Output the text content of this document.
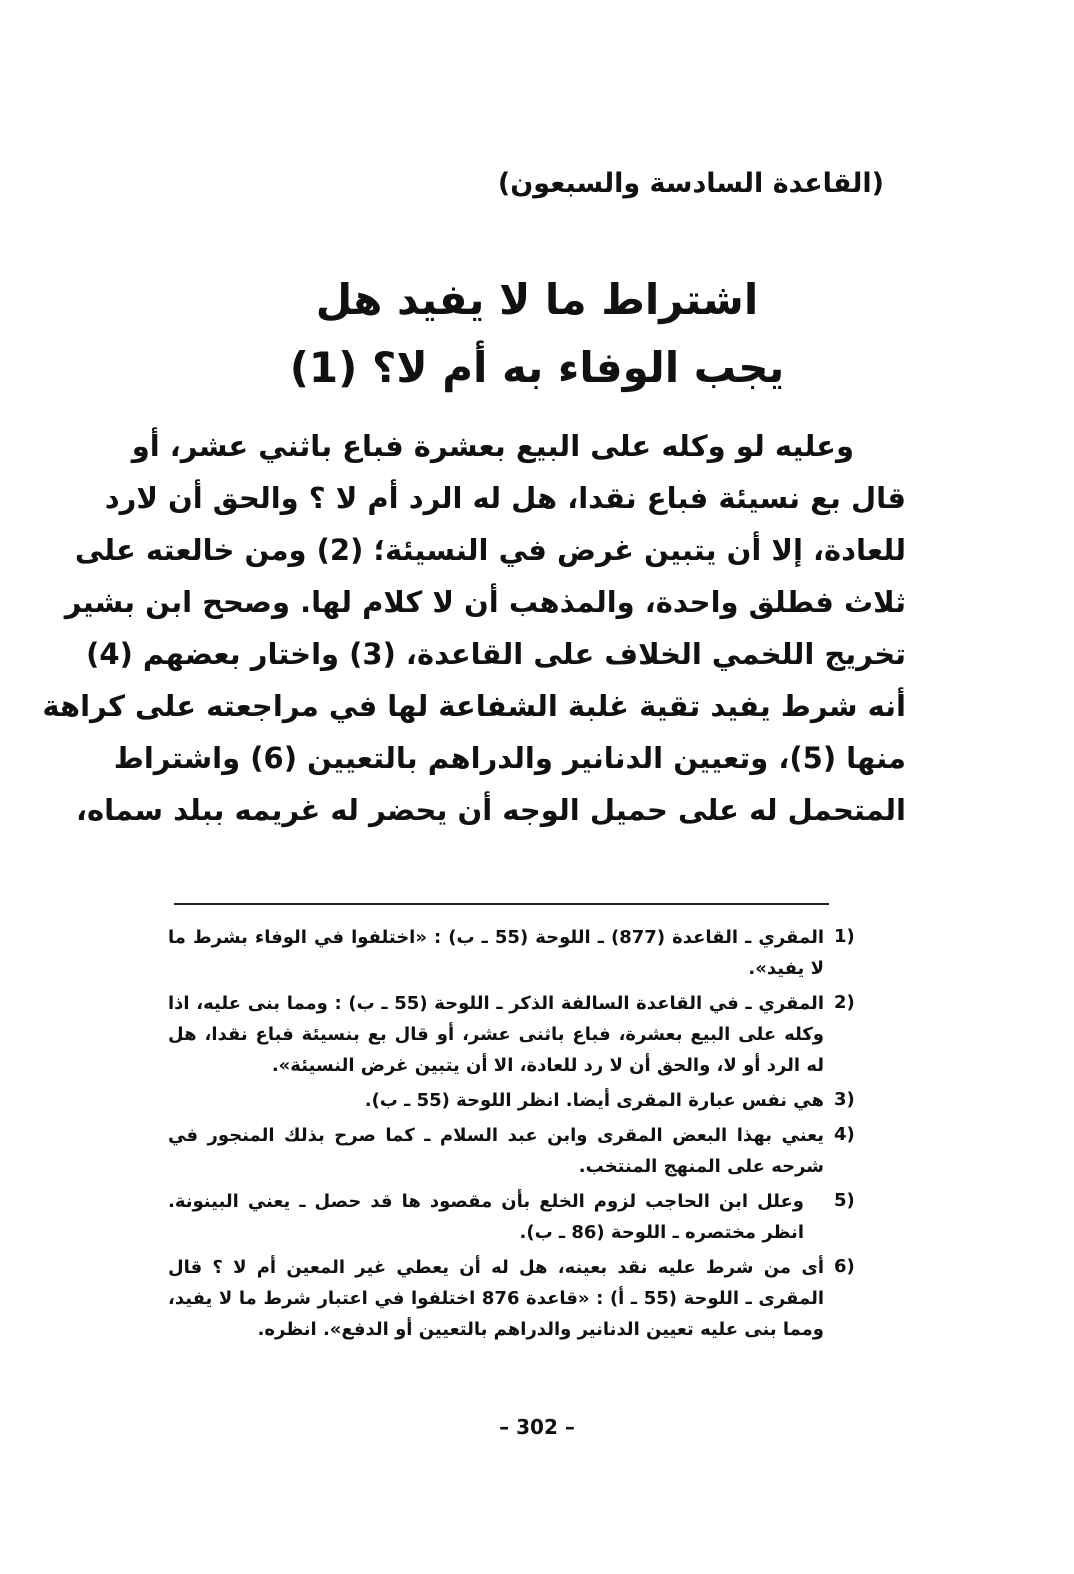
(القاعدة السادسة والسبعون)
اشتراط ما لا يفيد هل
يجب الوفاء به أم لا؟ (1)
وعليه لو وكله على البيع بعشرة فباع باثني عشر، أو
قال بع نسيئة فباع نقدا، هل له الرد أم لا ؟ والحق أن لارد
للعادة، إلا أن يتبين غرض في النسيئة؛ (2) ومن خالعته على
ثلاث فطلق واحدة، والمذهب أن لا كلام لها. وصحح ابن بشير
تخريج اللخمي الخلاف على القاعدة، (3) واختار بعضهم (4)
أنه شرط يفيد تقية غلبة الشفاعة لها في مراجعته على كراهة
منها (5)، وتعيين الدنانير والدراهم بالتعيين (6) واشتراط
المتحمل له على حميل الوجه أن يحضر له غريمه ببلد سماه،
1)
المقري ـ القاعدة (877) ـ اللوحة (55 ـ ب) : «اختلفوا في الوفاء بشرط ما لا يفيد».
2)
المقري ـ في القاعدة السالفة الذكر ـ اللوحة (55 ـ ب) : ومما بنى عليه، اذا وكله على البيع بعشرة، فباع باثنى عشر، أو قال بع بنسيئة فباع نقدا، هل له الرد أو لا، والحق أن لا رد للعادة، الا أن يتبين غرض النسيئة».
3)
هي نفس عبارة المقرى أيضا. انظر اللوحة (55 ـ ب).
4)
يعني بهذا البعض المقرى وابن عبد السلام ـ كما صرح بذلك المنجور في شرحه على المنهج المنتخب.
5)
وعلل ابن الحاجب لزوم الخلع بأن مقصود ها قد حصل ـ يعني البينونة. انظر مختصره ـ اللوحة (86 ـ ب).
6)
أى من شرط عليه نقد بعينه، هل له أن يعطي غير المعين أم لا ؟ قال المقرى ـ اللوحة (55 ـ أ) : «قاعدة 876 اختلفوا في اعتبار شرط ما لا يفيد، ومما بنى عليه تعيين الدنانير والدراهم بالتعيين أو الدفع». انظره.
– 302 –
